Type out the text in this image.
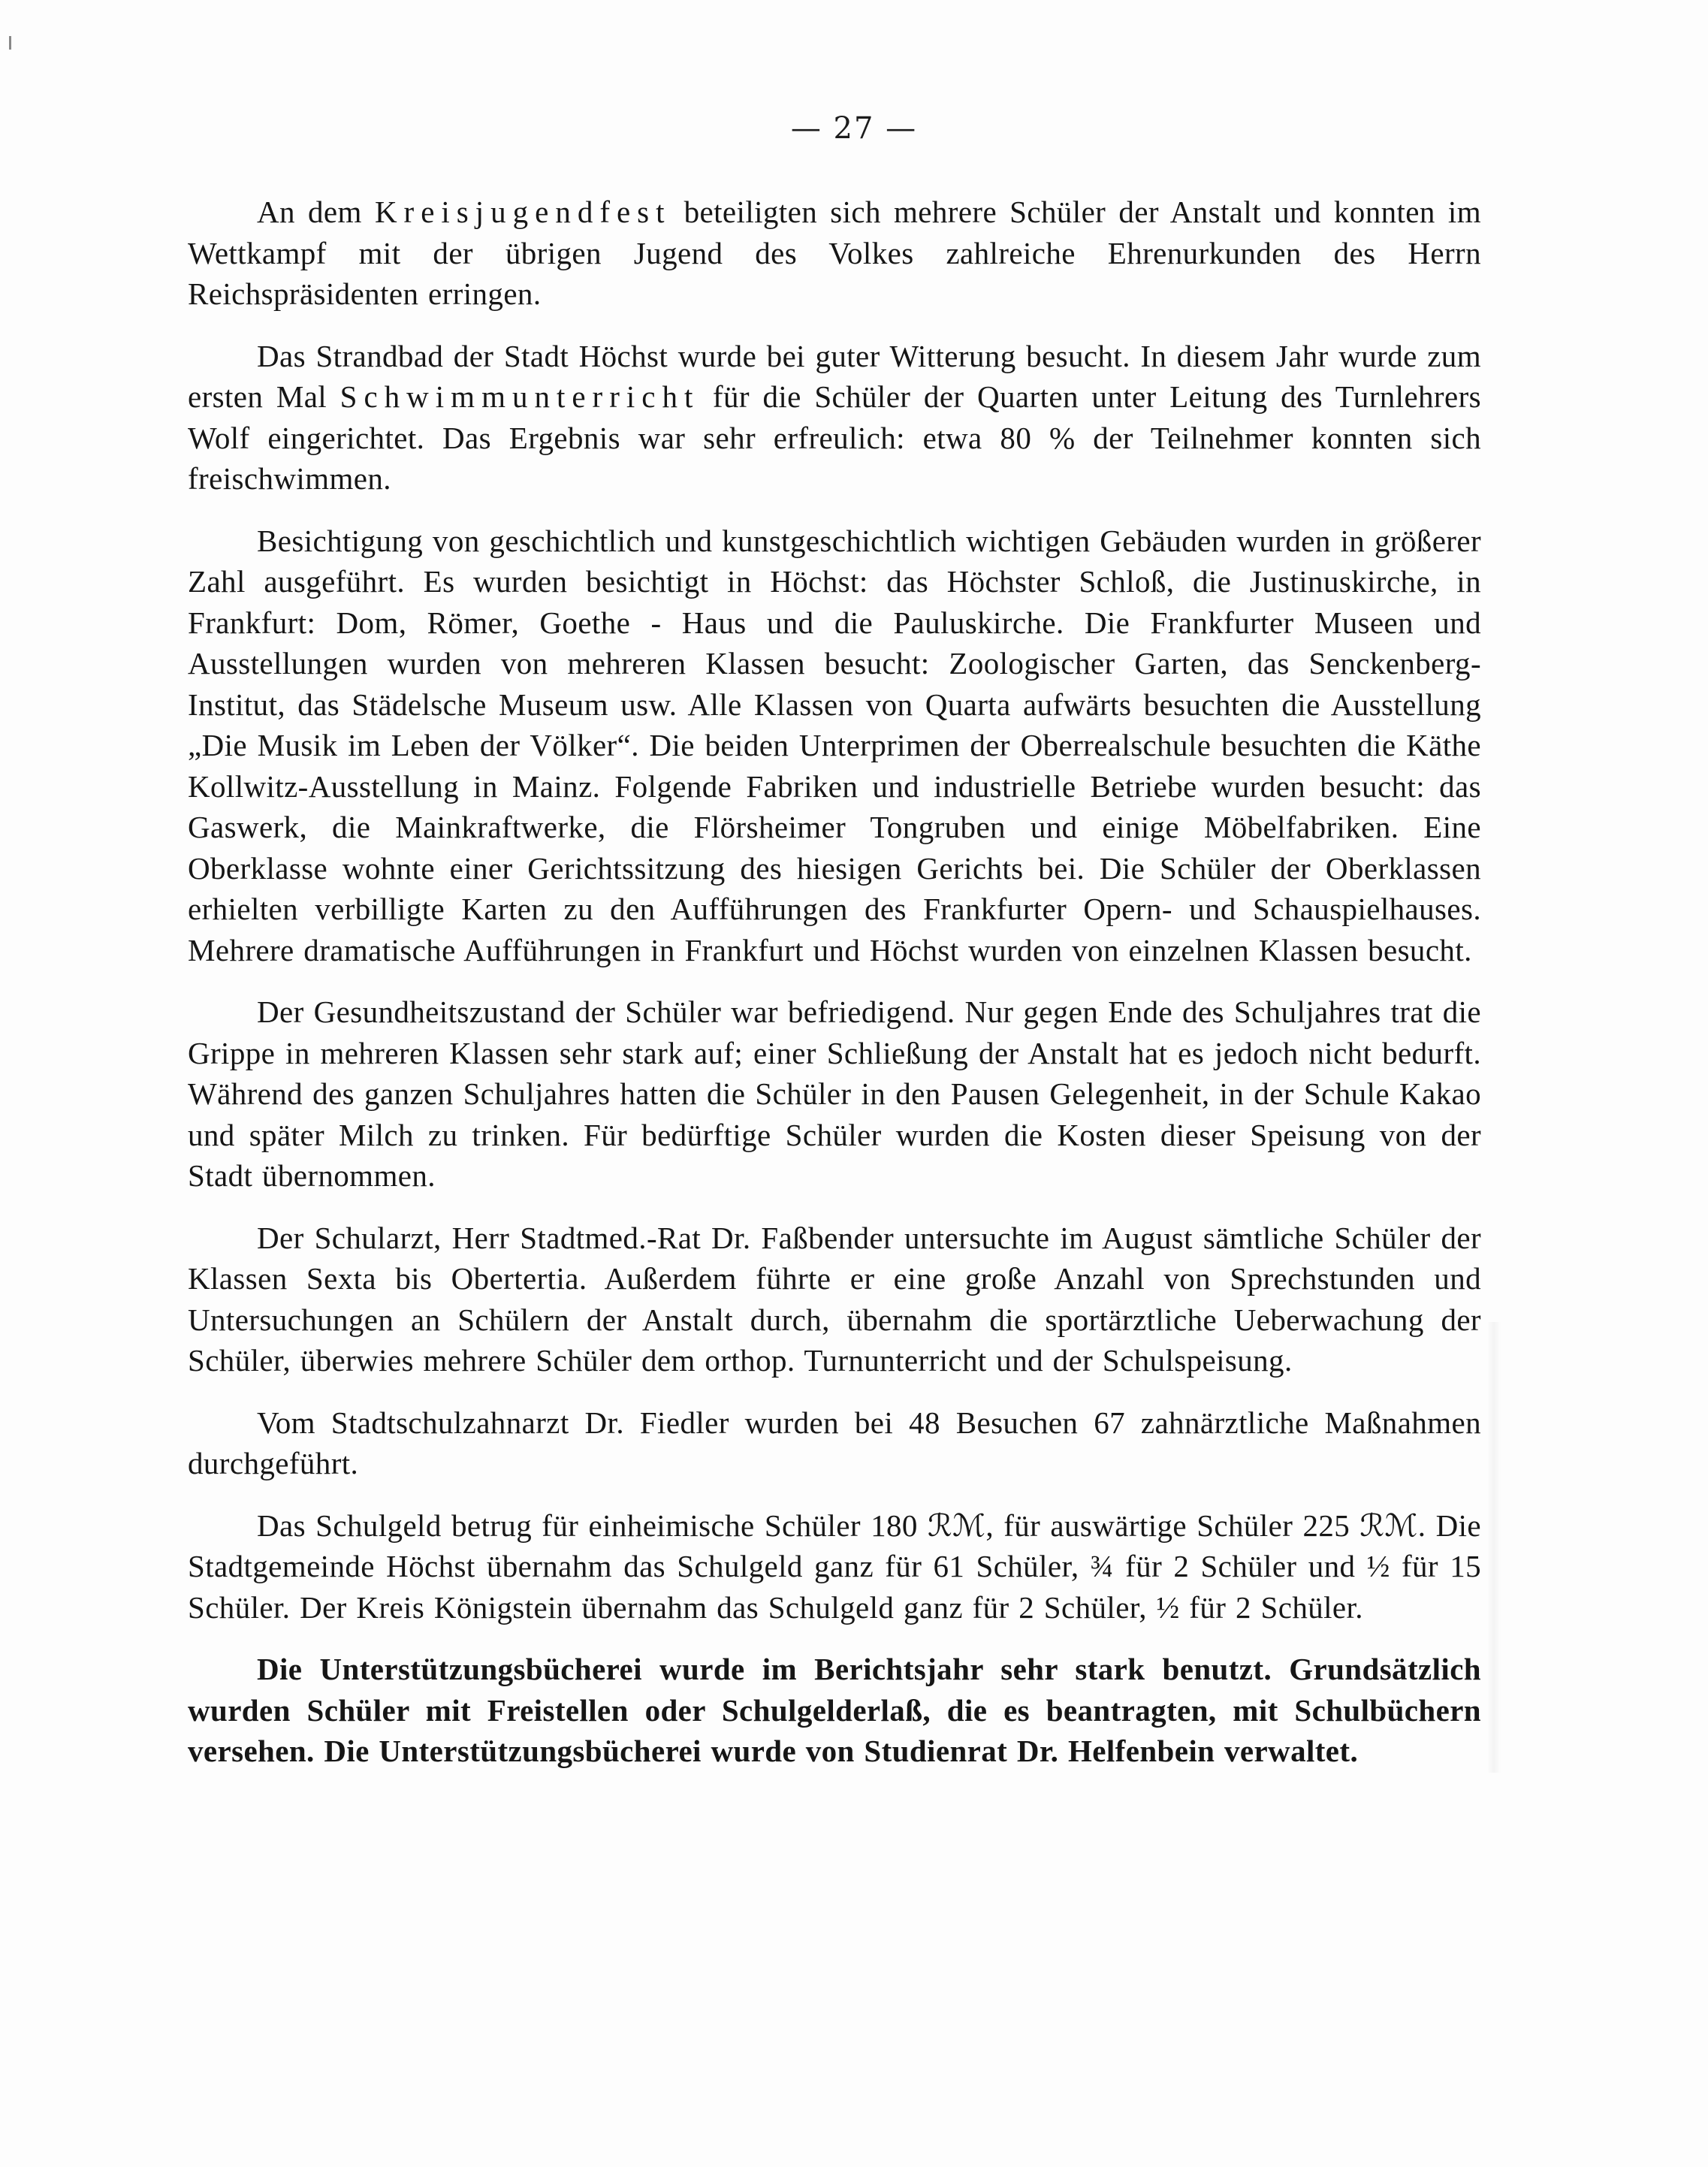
— 27 —

An dem Kreisjugendfest beteiligten sich mehrere Schüler der Anstalt und konnten im Wettkampf mit der übrigen Jugend des Volkes zahlreiche Ehrenurkunden des Herrn Reichspräsidenten erringen.

Das Strandbad der Stadt Höchst wurde bei guter Witterung besucht. In diesem Jahr wurde zum ersten Mal Schwimmunterricht für die Schüler der Quarten unter Leitung des Turnlehrers Wolf eingerichtet. Das Ergebnis war sehr erfreulich: etwa 80 % der Teilnehmer konnten sich freischwimmen.

Besichtigung von geschichtlich und kunstgeschichtlich wichtigen Gebäuden wurden in größerer Zahl ausgeführt. Es wurden besichtigt in Höchst: das Höchster Schloß, die Justinuskirche, in Frankfurt: Dom, Römer, Goethe - Haus und die Pauluskirche. Die Frankfurter Museen und Ausstellungen wurden von mehreren Klassen besucht: Zoologischer Garten, das Senckenberg-Institut, das Städelsche Museum usw. Alle Klassen von Quarta aufwärts besuchten die Ausstellung „Die Musik im Leben der Völker“. Die beiden Unterprimen der Oberrealschule besuchten die Käthe Kollwitz-Ausstellung in Mainz. Folgende Fabriken und industrielle Betriebe wurden besucht: das Gaswerk, die Mainkraftwerke, die Flörsheimer Tongruben und einige Möbelfabriken. Eine Oberklasse wohnte einer Gerichtssitzung des hiesigen Gerichts bei. Die Schüler der Oberklassen erhielten verbilligte Karten zu den Aufführungen des Frankfurter Opern- und Schauspielhauses. Mehrere dramatische Aufführungen in Frankfurt und Höchst wurden von einzelnen Klassen besucht.

Der Gesundheitszustand der Schüler war befriedigend. Nur gegen Ende des Schuljahres trat die Grippe in mehreren Klassen sehr stark auf; einer Schließung der Anstalt hat es jedoch nicht bedurft. Während des ganzen Schuljahres hatten die Schüler in den Pausen Gelegenheit, in der Schule Kakao und später Milch zu trinken. Für bedürftige Schüler wurden die Kosten dieser Speisung von der Stadt übernommen.

Der Schularzt, Herr Stadtmed.-Rat Dr. Faßbender untersuchte im August sämtliche Schüler der Klassen Sexta bis Obertertia. Außerdem führte er eine große Anzahl von Sprechstunden und Untersuchungen an Schülern der Anstalt durch, übernahm die sportärztliche Ueberwachung der Schüler, überwies mehrere Schüler dem orthop. Turnunterricht und der Schulspeisung.

Vom Stadtschulzahnarzt Dr. Fiedler wurden bei 48 Besuchen 67 zahnärztliche Maßnahmen durchgeführt.

Das Schulgeld betrug für einheimische Schüler 180 ℛℳ, für auswärtige Schüler 225 ℛℳ. Die Stadtgemeinde Höchst übernahm das Schulgeld ganz für 61 Schüler, ¾ für 2 Schüler und ½ für 15 Schüler. Der Kreis Königstein übernahm das Schulgeld ganz für 2 Schüler, ½ für 2 Schüler.

Die Unterstützungsbücherei wurde im Berichtsjahr sehr stark benutzt. Grundsätzlich wurden Schüler mit Freistellen oder Schulgelderlaß, die es beantragten, mit Schulbüchern versehen. Die Unterstützungsbücherei wurde von Studienrat Dr. Helfenbein verwaltet.
